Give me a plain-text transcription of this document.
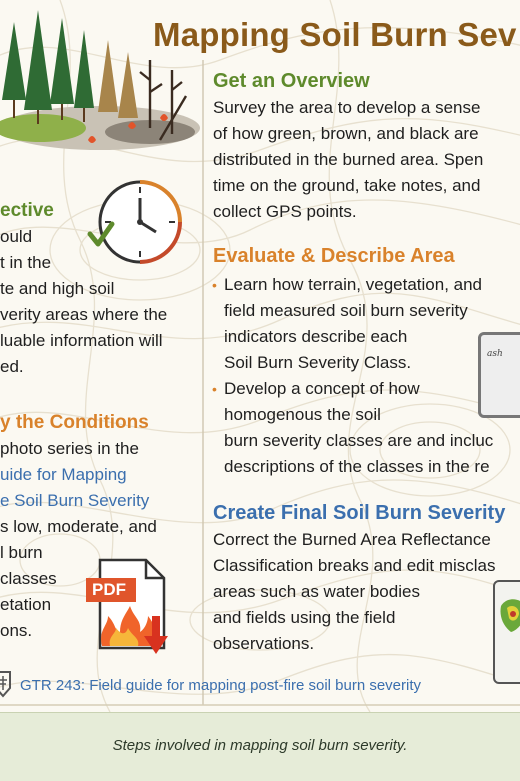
Mapping Soil Burn Sev
Get an Overview
Survey the area to develop a sense
of how green, brown, and black are
distributed in the burned area. Spen
time on the ground, take notes, and
collect GPS points.
ective
ould
t in the
te and high soil
verity areas where the
luable information will
ed.
Evaluate & Describe Area
• Learn how terrain, vegetation, and
field measured soil burn severity
indicators describe each
Soil Burn Severity Class.
• Develop a concept of how
homogenous the soil
burn severity classes are and incluc
descriptions of the classes in the re
ash
y the Conditions
photo series in the
uide for Mapping
e Soil Burn Severity
s low, moderate, and
l burn
classes
etation
ons.
PDF
Create Final Soil Burn Severity
Correct the Burned Area Reflectance
Classification breaks and edit misclas
areas such as water bodies
and fields using the field
observations.
GTR 243: Field guide for mapping post-fire soil burn severity
Steps involved in mapping soil burn severity.
